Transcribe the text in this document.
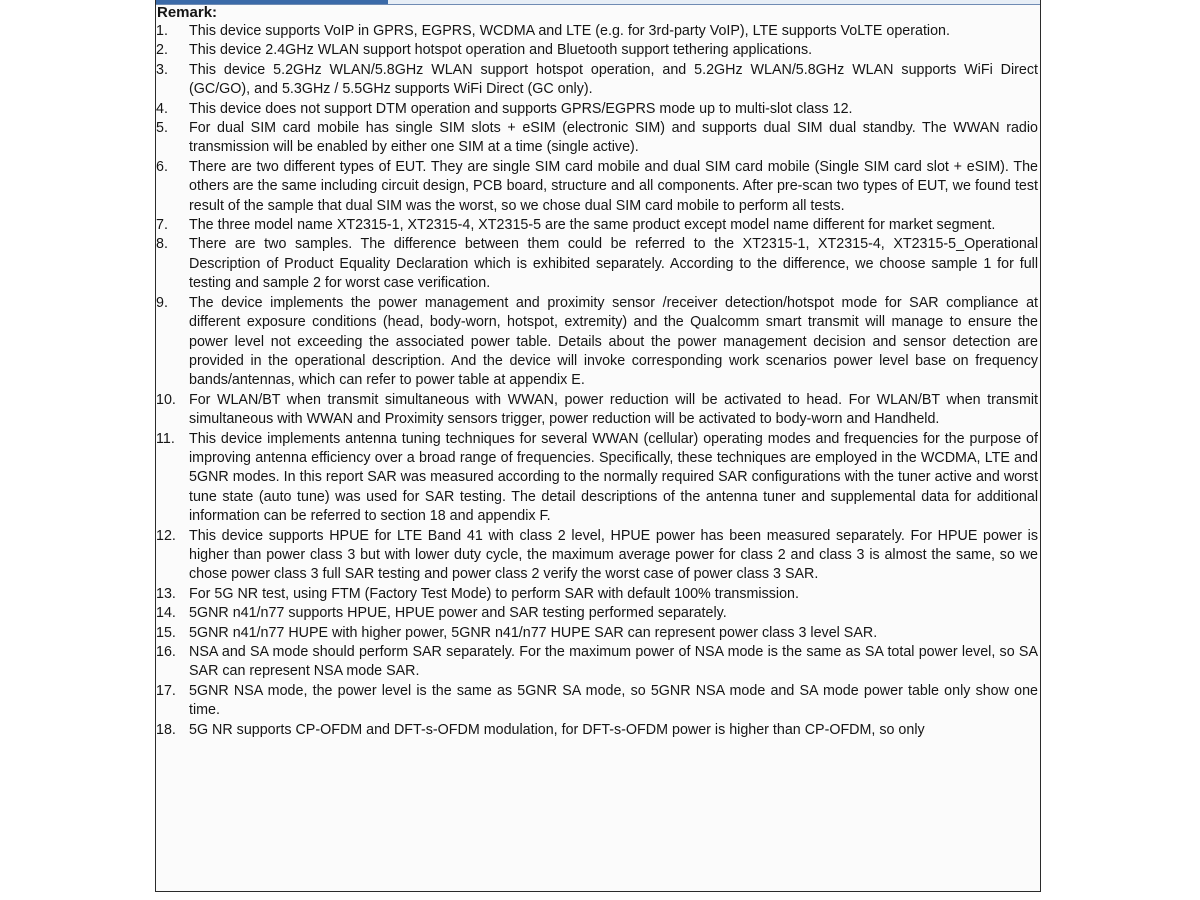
Remark:
1.	This device supports VoIP in GPRS, EGPRS, WCDMA and LTE (e.g. for 3rd-party VoIP), LTE supports VoLTE operation.
2.	This device 2.4GHz WLAN support hotspot operation and Bluetooth support tethering applications.
3.	This device 5.2GHz WLAN/5.8GHz WLAN support hotspot operation, and 5.2GHz WLAN/5.8GHz WLAN supports WiFi Direct (GC/GO), and 5.3GHz / 5.5GHz supports WiFi Direct (GC only).
4.	This device does not support DTM operation and supports GPRS/EGPRS mode up to multi-slot class 12.
5.	For dual SIM card mobile has single SIM slots + eSIM (electronic SIM) and supports dual SIM dual standby. The WWAN radio transmission will be enabled by either one SIM at a time (single active).
6.	There are two different types of EUT. They are single SIM card mobile and dual SIM card mobile (Single SIM card slot + eSIM). The others are the same including circuit design, PCB board, structure and all components. After pre-scan two types of EUT, we found test result of the sample that dual SIM was the worst, so we chose dual SIM card mobile to perform all tests.
7.	The three model name XT2315-1, XT2315-4, XT2315-5 are the same product except model name different for market segment.
8.	There are two samples. The difference between them could be referred to the XT2315-1, XT2315-4, XT2315-5_Operational Description of Product Equality Declaration which is exhibited separately. According to the difference, we choose sample 1 for full testing and sample 2 for worst case verification.
9.	The device implements the power management and proximity sensor /receiver detection/hotspot mode for SAR compliance at different exposure conditions (head, body-worn, hotspot, extremity) and the Qualcomm smart transmit will manage to ensure the power level not exceeding the associated power table. Details about the power management decision and sensor detection are provided in the operational description. And the device will invoke corresponding work scenarios power level base on frequency bands/antennas, which can refer to power table at appendix E.
10. For WLAN/BT when transmit simultaneous with WWAN, power reduction will be activated to head. For WLAN/BT when transmit simultaneous with WWAN and Proximity sensors trigger, power reduction will be activated to body-worn and Handheld.
11. This device implements antenna tuning techniques for several WWAN (cellular) operating modes and frequencies for the purpose of improving antenna efficiency over a broad range of frequencies. Specifically, these techniques are employed in the WCDMA, LTE and 5GNR modes. In this report SAR was measured according to the normally required SAR configurations with the tuner active and worst tune state (auto tune) was used for SAR testing. The detail descriptions of the antenna tuner and supplemental data for additional information can be referred to section 18 and appendix F.
12. This device supports HPUE for LTE Band 41 with class 2 level, HPUE power has been measured separately. For HPUE power is higher than power class 3 but with lower duty cycle, the maximum average power for class 2 and class 3 is almost the same, so we chose power class 3 full SAR testing and power class 2 verify the worst case of power class 3 SAR.
13. For 5G NR test, using FTM (Factory Test Mode) to perform SAR with default 100% transmission.
14. 5GNR n41/n77 supports HPUE, HPUE power and SAR testing performed separately.
15. 5GNR n41/n77 HUPE with higher power, 5GNR n41/n77 HUPE SAR can represent power class 3 level SAR.
16. NSA and SA mode should perform SAR separately. For the maximum power of NSA mode is the same as SA total power level, so SA SAR can represent NSA mode SAR.
17. 5GNR NSA mode, the power level is the same as 5GNR SA mode, so 5GNR NSA mode and SA mode power table only show one time.
18. 5G NR supports CP-OFDM and DFT-s-OFDM modulation, for DFT-s-OFDM power is higher than CP-OFDM, so only
